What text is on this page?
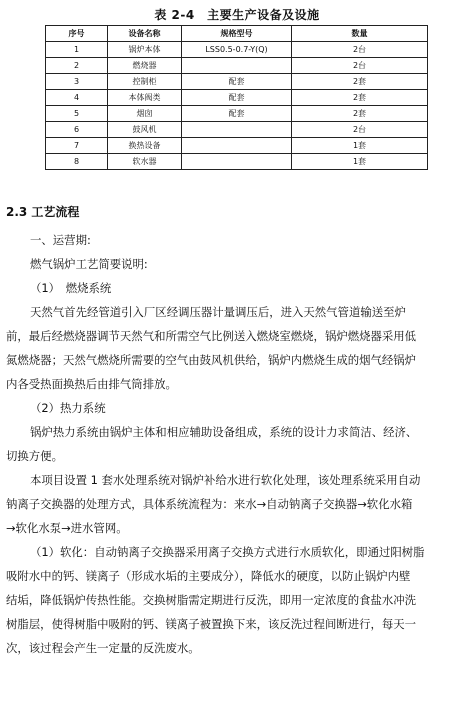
表 2-4　主要生产设备及设施
序号	设备名称	规格型号	数量
1	锅炉本体	LSS0.5-0.7-Y(Q)	2台
2	燃烧器		2台
3	控制柜	配套	2套
4	本体阀类	配套	2套
5	烟囱	配套	2套
6	鼓风机		2台
7	换热设备		1套
8	软水器		1套
2.3 工艺流程
一、运营期:
燃气锅炉工艺简要说明:
（1）　燃烧系统
天然气首先经管道引入厂区经调压器计量调压后，进入天然气管道输送至炉
前，最后经燃烧器调节天然气和所需空气比例送入燃烧室燃烧，锅炉燃烧器采用低
氮燃烧器；天然气燃烧所需要的空气由鼓风机供给，锅炉内燃烧生成的烟气经锅炉
内各受热面换热后由排气筒排放。
（2）热力系统
锅炉热力系统由锅炉主体和相应辅助设备组成，系统的设计力求简洁、经济、
切换方便。
本项目设置 1 套水处理系统对锅炉补给水进行软化处理，该处理系统采用自动
钠离子交换器的处理方式，具体系统流程为：来水→自动钠离子交换器→软化水箱
→软化水泵→进水管网。
（1）软化：自动钠离子交换器采用离子交换方式进行水质软化，即通过阳树脂
吸附水中的钙、镁离子（形成水垢的主要成分），降低水的硬度，以防止锅炉内壁
结垢，降低锅炉传热性能。交换树脂需定期进行反洗，即用一定浓度的食盐水冲洗
树脂层，使得树脂中吸附的钙、镁离子被置换下来，该反洗过程间断进行，每天一
次，该过程会产生一定量的反洗废水。
